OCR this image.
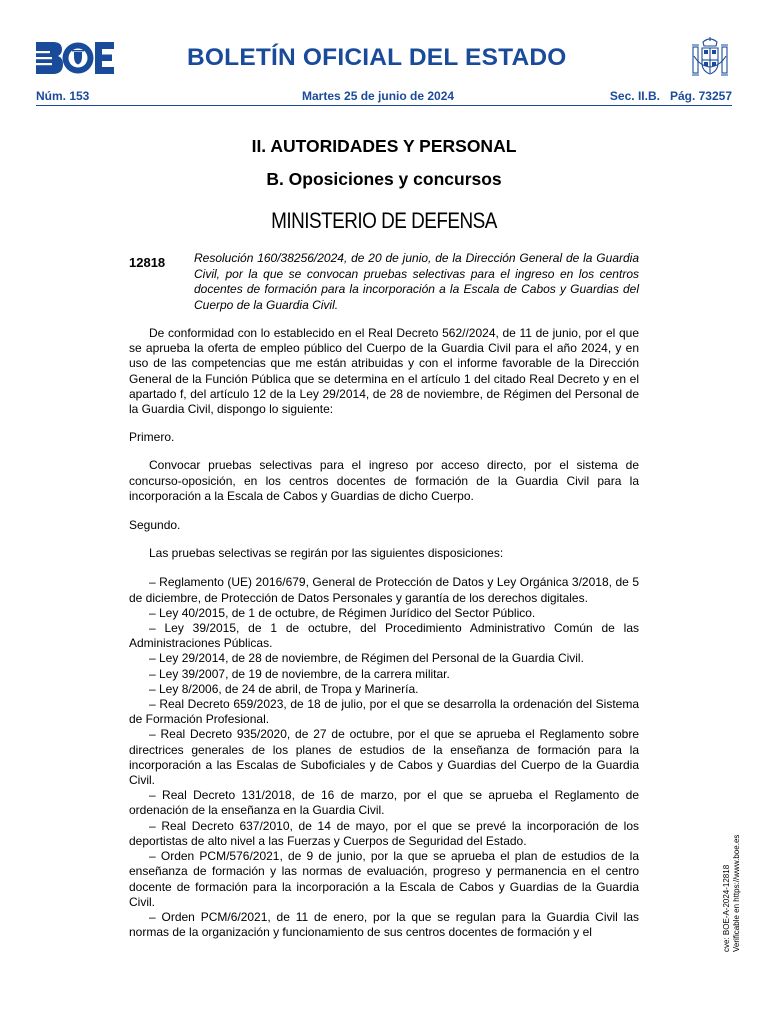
BOLETÍN OFICIAL DEL ESTADO
Núm. 153	Martes 25 de junio de 2024	Sec. II.B. Pág. 73257
II. AUTORIDADES Y PERSONAL
B. Oposiciones y concursos
MINISTERIO DE DEFENSA
12818 Resolución 160/38256/2024, de 20 de junio, de la Dirección General de la Guardia Civil, por la que se convocan pruebas selectivas para el ingreso en los centros docentes de formación para la incorporación a la Escala de Cabos y Guardias del Cuerpo de la Guardia Civil.

De conformidad con lo establecido en el Real Decreto 562//2024, de 11 de junio, por el que se aprueba la oferta de empleo público del Cuerpo de la Guardia Civil para el año 2024, y en uso de las competencias que me están atribuidas y con el informe favorable de la Dirección General de la Función Pública que se determina en el artículo 1 del citado Real Decreto y en el apartado f, del artículo 12 de la Ley 29/2014, de 28 de noviembre, de Régimen del Personal de la Guardia Civil, dispongo lo siguiente:

Primero.

Convocar pruebas selectivas para el ingreso por acceso directo, por el sistema de concurso-oposición, en los centros docentes de formación de la Guardia Civil para la incorporación a la Escala de Cabos y Guardias de dicho Cuerpo.

Segundo.

Las pruebas selectivas se regirán por las siguientes disposiciones:

– Reglamento (UE) 2016/679, General de Protección de Datos y Ley Orgánica 3/2018, de 5 de diciembre, de Protección de Datos Personales y garantía de los derechos digitales.

– Ley 40/2015, de 1 de octubre, de Régimen Jurídico del Sector Público.

– Ley 39/2015, de 1 de octubre, del Procedimiento Administrativo Común de las Administraciones Públicas.

– Ley 29/2014, de 28 de noviembre, de Régimen del Personal de la Guardia Civil.

– Ley 39/2007, de 19 de noviembre, de la carrera militar.

– Ley 8/2006, de 24 de abril, de Tropa y Marinería.

– Real Decreto 659/2023, de 18 de julio, por el que se desarrolla la ordenación del Sistema de Formación Profesional.

– Real Decreto 935/2020, de 27 de octubre, por el que se aprueba el Reglamento sobre directrices generales de los planes de estudios de la enseñanza de formación para la incorporación a las Escalas de Suboficiales y de Cabos y Guardias del Cuerpo de la Guardia Civil.

– Real Decreto 131/2018, de 16 de marzo, por el que se aprueba el Reglamento de ordenación de la enseñanza en la Guardia Civil.

– Real Decreto 637/2010, de 14 de mayo, por el que se prevé la incorporación de los deportistas de alto nivel a las Fuerzas y Cuerpos de Seguridad del Estado.

– Orden PCM/576/2021, de 9 de junio, por la que se aprueba el plan de estudios de la enseñanza de formación y las normas de evaluación, progreso y permanencia en el centro docente de formación para la incorporación a la Escala de Cabos y Guardias de la Guardia Civil.

– Orden PCM/6/2021, de 11 de enero, por la que se regulan para la Guardia Civil las normas de la organización y funcionamiento de sus centros docentes de formación y el	cve: BOE-A-2024-12818 Verificable en https://www.boe.es
